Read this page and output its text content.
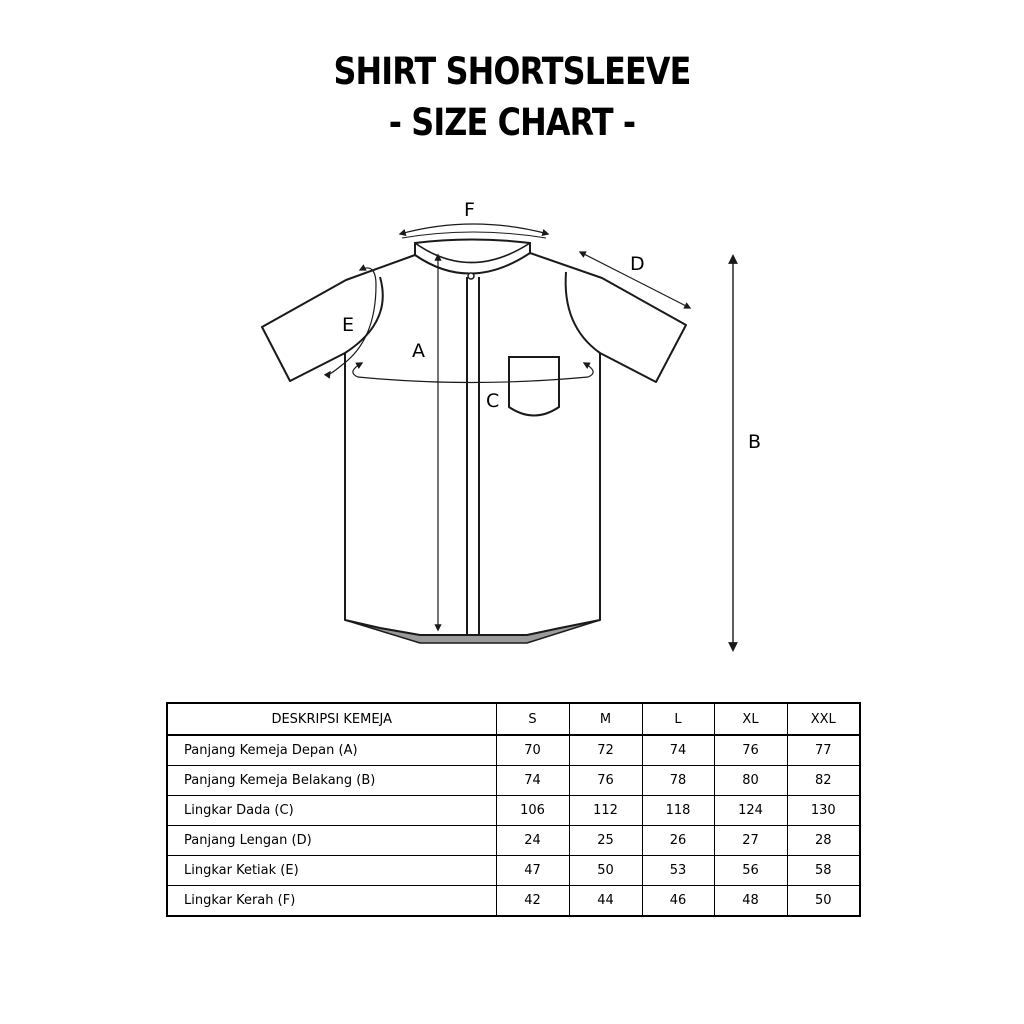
SHIRT SHORTSLEEVE
- SIZE CHART -
F
D
E
A
C
B
DESKRIPSI KEMEJA	S	M	L	XL	XXL
Panjang Kemeja Depan (A)	70	72	74	76	77
Panjang Kemeja Belakang (B)	74	76	78	80	82
Lingkar Dada (C)	106	112	118	124	130
Panjang Lengan (D)	24	25	26	27	28
Lingkar Ketiak (E)	47	50	53	56	58
Lingkar Kerah (F)	42	44	46	48	50
